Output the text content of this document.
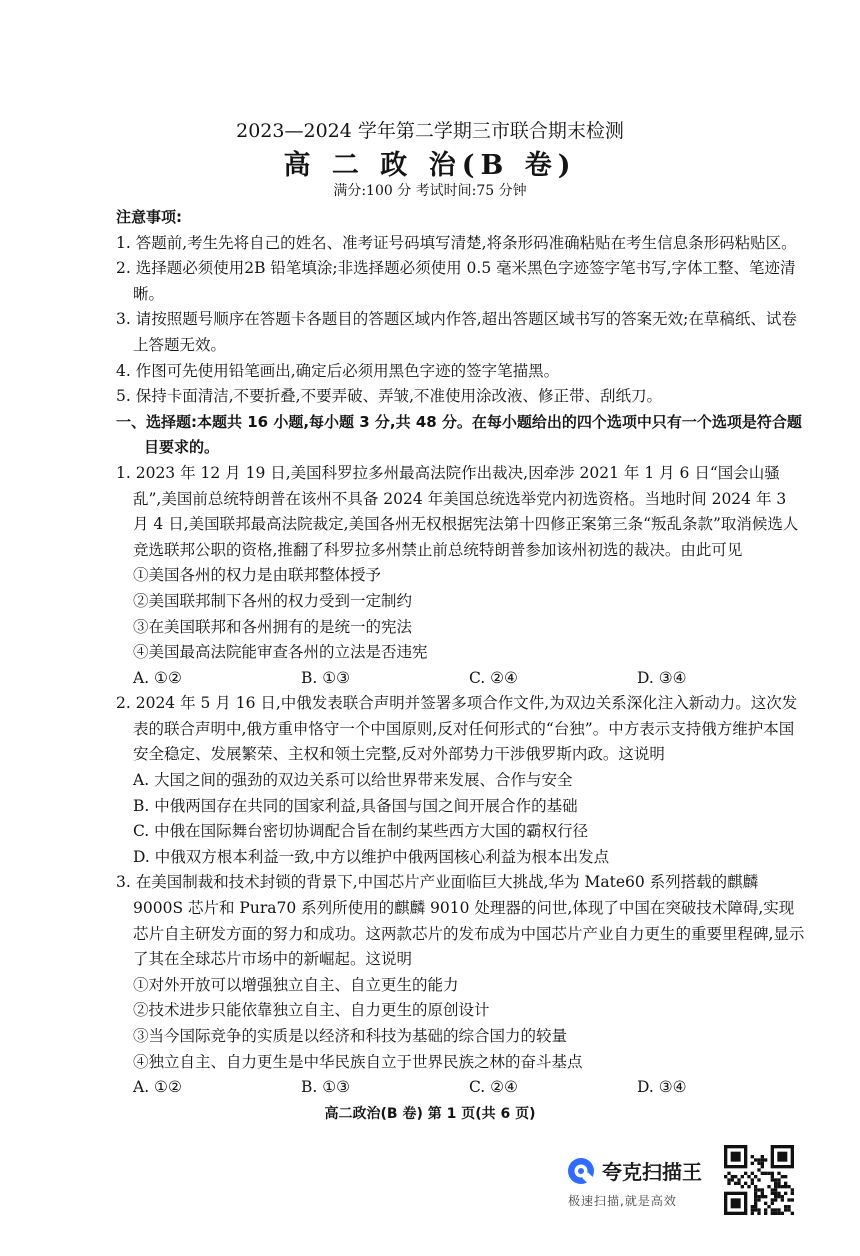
2023—2024 学年第二学期三市联合期末检测
高 二 政 治(B 卷)
满分:100 分 考试时间:75 分钟

注意事项:

1. 答题前,考生先将自己的姓名、准考证号码填写清楚,将条形码准确粘贴在考生信息条形码粘贴区。

2. 选择题必须使用2B 铅笔填涂;非选择题必须使用 0.5 毫米黑色字迹签字笔书写,字体工整、笔迹清晰。

3. 请按照题号顺序在答题卡各题目的答题区域内作答,超出答题区域书写的答案无效;在草稿纸、试卷上答题无效。

4. 作图可先使用铅笔画出,确定后必须用黑色字迹的签字笔描黑。

5. 保持卡面清洁,不要折叠,不要弄破、弄皱,不准使用涂改液、修正带、刮纸刀。

一、选择题:本题共 16 小题,每小题 3 分,共 48 分。在每小题给出的四个选项中只有一个选项是符合题目要求的。

1. 2023 年 12 月 19 日,美国科罗拉多州最高法院作出裁决,因牵涉 2021 年 1 月 6 日“国会山骚乱”,美国前总统特朗普在该州不具备 2024 年美国总统选举党内初选资格。当地时间 2024 年 3 月 4 日,美国联邦最高法院裁定,美国各州无权根据宪法第十四修正案第三条“叛乱条款”取消候选人竞选联邦公职的资格,推翻了科罗拉多州禁止前总统特朗普参加该州初选的裁决。由此可见

①美国各州的权力是由联邦整体授予

②美国联邦制下各州的权力受到一定制约

③在美国联邦和各州拥有的是统一的宪法

④美国最高法院能审查各州的立法是否违宪

A. ①②	B. ①③	C. ②④	D. ③④

2. 2024 年 5 月 16 日,中俄发表联合声明并签署多项合作文件,为双边关系深化注入新动力。这次发表的联合声明中,俄方重申恪守一个中国原则,反对任何形式的“台独”。中方表示支持俄方维护本国安全稳定、发展繁荣、主权和领土完整,反对外部势力干涉俄罗斯内政。这说明

A. 大国之间的强劲的双边关系可以给世界带来发展、合作与安全

B. 中俄两国存在共同的国家利益,具备国与国之间开展合作的基础

C. 中俄在国际舞台密切协调配合旨在制约某些西方大国的霸权行径

D. 中俄双方根本利益一致,中方以维护中俄两国核心利益为根本出发点

3. 在美国制裁和技术封锁的背景下,中国芯片产业面临巨大挑战,华为 Mate60 系列搭载的麒麟 9000S 芯片和 Pura70 系列所使用的麒麟 9010 处理器的问世,体现了中国在突破技术障碍,实现芯片自主研发方面的努力和成功。这两款芯片的发布成为中国芯片产业自力更生的重要里程碑,显示了其在全球芯片市场中的新崛起。这说明

①对外开放可以增强独立自主、自立更生的能力

②技术进步只能依靠独立自主、自力更生的原创设计

③当今国际竞争的实质是以经济和科技为基础的综合国力的较量

④独立自主、自力更生是中华民族自立于世界民族之林的奋斗基点

A. ①②	B. ①③	C. ②④	D. ③④
高二政治(B 卷) 第 1 页(共 6 页)
夸克扫描王
极速扫描,就是高效
